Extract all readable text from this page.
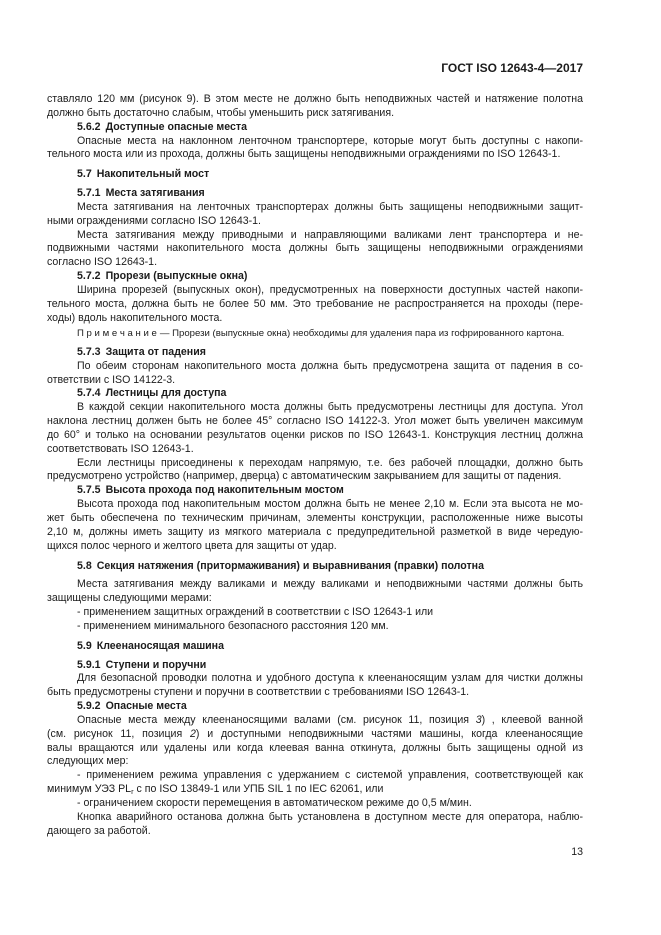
ГОСТ ISO 12643-4—2017
ставляло 120 мм (рисунок 9). В этом месте не должно быть неподвижных частей и натяжение полотна
должно быть достаточно слабым, чтобы уменьшить риск затягивания.
5.6.2 Доступные опасные места
Опасные места на наклонном ленточном транспортере, которые могут быть доступны с накопи-
тельного моста или из прохода, должны быть защищены неподвижными ограждениями по ISO 12643-1.
5.7 Накопительный мост
5.7.1 Места затягивания
Места затягивания на ленточных транспортерах должны быть защищены неподвижными защит-
ными ограждениями согласно ISO 12643-1.
Места затягивания между приводными и направляющими валиками лент транспортера и не-
подвижными частями накопительного моста должны быть защищены неподвижными ограждениями
согласно ISO 12643-1.
5.7.2 Прорези (выпускные окна)
Ширина прорезей (выпускных окон), предусмотренных на поверхности доступных частей накопи-
тельного моста, должна быть не более 50 мм. Это требование не распространяется на проходы (пере-
ходы) вдоль накопительного моста.
П р и м е ч а н и е — Прорези (выпускные окна) необходимы для удаления пара из гофрированного картона.
5.7.3 Защита от падения
По обеим сторонам накопительного моста должна быть предусмотрена защита от падения в со-
ответствии с ISO 14122-3.
5.7.4 Лестницы для доступа
В каждой секции накопительного моста должны быть предусмотрены лестницы для доступа. Угол
наклона лестниц должен быть не более 45° согласно ISO 14122-3. Угол может быть увеличен максимум
до 60° и только на основании результатов оценки рисков по ISO 12643-1. Конструкция лестниц должна
соответствовать ISO 12643-1.
Если лестницы присоединены к переходам напрямую, т.е. без рабочей площадки, должно быть
предусмотрено устройство (например, дверца) с автоматическим закрыванием для защиты от падения.
5.7.5 Высота прохода под накопительным мостом
Высота прохода под накопительным мостом должна быть не менее 2,10 м. Если эта высота не мо-
жет быть обеспечена по техническим причинам, элементы конструкции, расположенные ниже высоты
2,10 м, должны иметь защиту из мягкого материала с предупредительной разметкой в виде чередую-
щихся полос черного и желтого цвета для защиты от удар.
5.8 Секция натяжения (притормаживания) и выравнивания (правки) полотна
Места затягивания между валиками и между валиками и неподвижными частями должны быть
защищены следующими мерами:
- применением защитных ограждений в соответствии с ISO 12643-1 или
- применением минимального безопасного расстояния 120 мм.
5.9 Клеенаносящая машина
5.9.1 Ступени и поручни
Для безопасной проводки полотна и удобного доступа к клеенаносящим узлам для чистки должны
быть предусмотрены ступени и поручни в соответствии с требованиями ISO 12643-1.
5.9.2 Опасные места
Опасные места между клеенаносящими валами (см. рисунок 11, позиция 3) , клеевой ванной
(см. рисунок 11, позиция 2) и доступными неподвижными частями машины, когда клеенаносящие
валы вращаются или удалены или когда клеевая ванна откинута, должны быть защищены одной из
следующих мер:
- применением режима управления с удержанием с системой управления, соответствующей как
минимум УЭЗ $PL_r$ c по ISO 13849-1 или УПБ SIL 1 по IEC 62061, или
- ограничением скорости перемещения в автоматическом режиме до 0,5 м/мин.
Кнопка аварийного останова должна быть установлена в доступном месте для оператора, наблю-
дающего за работой.
13
